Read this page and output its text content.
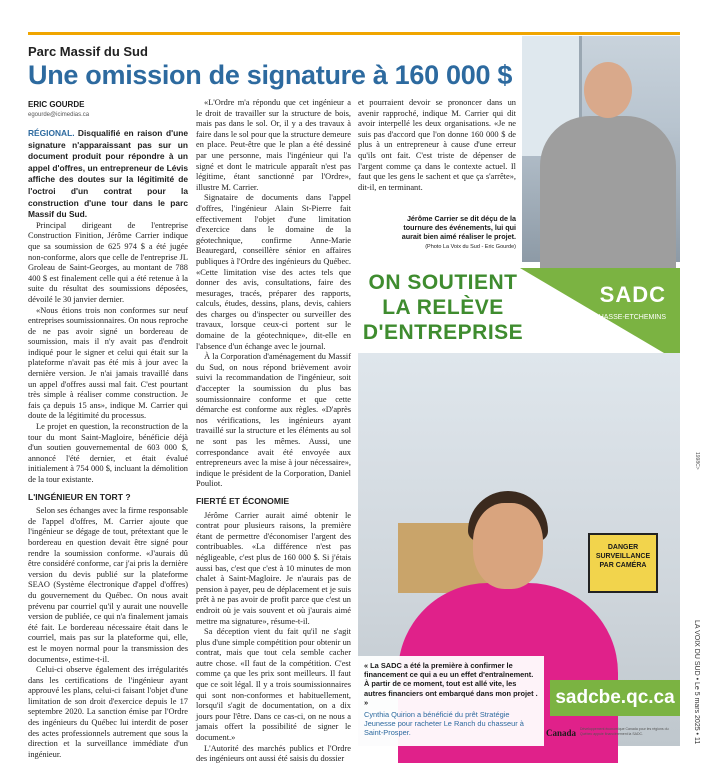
Parc Massif du Sud
Une omission de signature à 160 000 $
ERIC GOURDE
egourde@icimedias.ca

RÉGIONAL. Disqualifié en raison d'une signature n'apparaissant pas sur un document produit pour répondre à un appel d'offres, un entrepreneur de Lévis affiche des doutes sur la légitimité de l'octroi d'un contrat pour la construction d'une tour dans le parc Massif du Sud.

Principal dirigeant de l'entreprise Construction Finition, Jérôme Carrier indique que sa soumission de 625 974 $ a été jugée non-conforme, alors que celle de l'entreprise JL Groleau de Saint-Georges, au montant de 788 400 $ est finalement celle qui a été retenue à la suite du résultat des soumissions déposées, dévoilé le 30 janvier dernier.

«Nous étions trois non conformes sur neuf entreprises soumissionnaires. On nous reproche de ne pas avoir signé un bordereau de soumission, mais il n'y avait pas d'endroit indiqué pour le signer et celui qui était sur la plateforme n'avait pas été mis à jour avec la dernière version. Je n'ai jamais travaillé dans un appel d'offres aussi mal fait. C'est pourtant très simple à réaliser comme construction. Je fais ça depuis 15 ans», indique M. Carrier qui doute de la légitimité du processus.

Le projet en question, la reconstruction de la tour du mont Saint-Magloire, bénéficie déjà d'un soutien gouvernemental de 603 000 $, annoncé l'été dernier, et était évalué initialement à 754 000 $, incluant la démolition de la tour existante.

L'INGÉNIEUR EN TORT ?

Selon ses échanges avec la firme responsable de l'appel d'offres, M. Carrier ajoute que l'ingénieur se dégage de tout, prétextant que le bordereau en question devait être signé pour rendre la soumission conforme. «J'aurais dû être considéré conforme, car j'ai pris la dernière version du devis publié sur la plateforme SEAO (Système électronique d'appel d'offres) du gouvernement du Québec. On nous avait prévenu par courriel qu'il y aurait une nouvelle version de publiée, ce qui n'a finalement jamais été fait. Le bordereau nécessaire était dans le courriel, mais pas sur la plateforme qui, elle, est le moyen normal pour la transmission des documents», estime-t-il.

Celui-ci observe également des irrégularités dans les certifications de l'ingénieur ayant approuvé les plans, celui-ci faisant l'objet d'une limitation de son droit d'exercice depuis le 17 septembre 2020. La sanction émise par l'Ordre des ingénieurs du Québec lui interdit de poser des actes professionnels autrement que sous la direction et la surveillance immédiate d'un ingénieur.

«L'Ordre m'a répondu que cet ingénieur a le droit de travailler sur la structure de bois, mais pas dans le sol. Or, il y a des travaux à faire dans le sol pour que la structure demeure en place. Peut-être que le plan a été dessiné par une personne, mais l'ingénieur qui l'a signé et dont le matricule apparaît n'est pas légitime, étant sanctionné par l'Ordre», illustre M. Carrier.

Signataire de documents dans l'appel d'offres, l'ingénieur Alain St-Pierre fait effectivement l'objet d'une limitation d'exercice dans le domaine de la géotechnique, confirme Anne-Marie Beauregard, conseillère sénior en affaires publiques à l'Ordre des ingénieurs du Québec. «Cette limitation vise des actes tels que donner des avis, consultations, faire des mesurages, tracés, préparer des rapports, calculs, études, dessins, plans, devis, cahiers des charges ou d'inspecter ou surveiller des travaux, lorsque ceux-ci portent sur le domaine de la géotechnique», dit-elle en l'absence d'un échange avec le journal.

À la Corporation d'aménagement du Massif du Sud, on nous répond brièvement avoir suivi la recommandation de l'ingénieur, soit d'accepter la soumission du plus bas soumissionnaire conforme et que cette démarche est conforme aux règles. «D'après nos vérifications, les ingénieurs ayant travaillé sur la structure et les éléments au sol ne sont pas les mêmes. Aussi, une correspondance avait été envoyée aux entrepreneurs avec la mise à jour nécessaire», indique le président de la Corporation, Daniel Pouliot.

FIERTÉ ET ÉCONOMIE

Jérôme Carrier aurait aimé obtenir le contrat pour plusieurs raisons, la première étant de permettre d'économiser l'argent des contribuables. «La différence n'est pas négligeable, c'est plus de 160 000 $. Si j'étais aussi bas, c'est que c'est à 10 minutes de mon chalet à Saint-Magloire. Je n'aurais pas de pension à payer, peu de déplacement et je suis prêt à ne pas avoir de profit parce que c'est un endroit où je vais souvent et où j'aurais aimé mettre ma signature», résume-t-il.

Sa déception vient du fait qu'il ne s'agit plus d'une simple compétition pour obtenir un contrat, mais que tout cela semble cacher autre chose. «Il faut de la compétition. C'est comme ça que les prix sont meilleurs. Il faut que ce soit légal. Il y a trois soumissionnaires qui sont non-conformes et habituellement, lorsqu'il s'agit de documentation, on a dix jours pour l'être. Dans ce cas-ci, on ne nous a jamais offert la possibilité de signer le document.»

L'Autorité des marchés publics et l'Ordre des ingénieurs ont aussi été saisis du dossier

et pourraient devoir se prononcer dans un avenir rapproché, indique M. Carrier qui dit avoir interpellé les deux organisations. «Je ne suis pas d'accord que l'on donne 160 000 $ de plus à un entrepreneur à cause d'une erreur qu'ils ont fait. C'est triste de dépenser de l'argent comme ça dans le contexte actuel. Il faut que les gens le sachent et que ça s'arrête», dit-il, en terminant.

Jérôme Carrier se dit déçu de la tournure des événements, lui qui aurait bien aimé réaliser le projet. (Photo La Voix du Sud - Eric Gourde)
DANGER SURVEILLANCE PAR CAMÉRA
ON SOUTIENT LA RELÈVE D'ENTREPRISE
SADC
BELLECHASSE-ETCHEMINS
« La SADC a été la première à confirmer le financement ce qui a eu un effet d'entraînement. À partir de ce moment, tout est allé vite, les autres financiers ont embarqué dans mon projet . »
Cynthia Quirion a bénéficié du prêt Stratégie Jeunesse pour racheter Le Ranch du chasseur à Saint-Prosper.
sadcbe.qc.ca
Canada Développement économique Canada pour les régions du Québec appuie financièrement la SADC.
1998C>
LA VOIX DU SUD • Le 5 mars 2025 • 11
